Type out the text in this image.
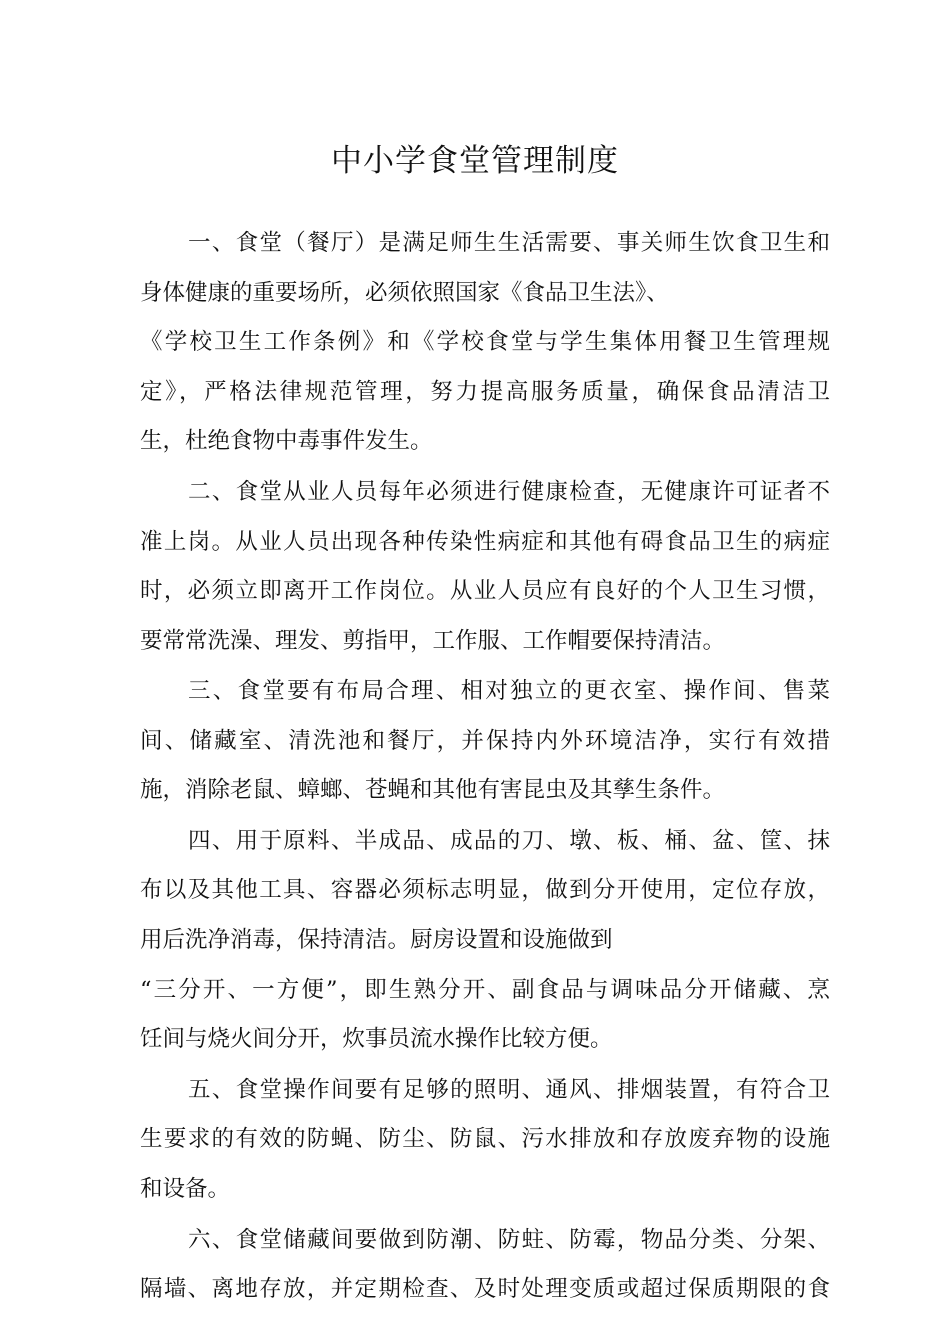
中小学食堂管理制度

一、食堂（餐厅）是满足师生生活需要、事关师生饮食卫生和

身体健康的重要场所，必须依照国家《食品卫生法》、

《学校卫生工作条例》和《学校食堂与学生集体用餐卫生管理规

定》，严格法律规范管理，努力提高服务质量，确保食品清洁卫

生，杜绝食物中毒事件发生。

二、食堂从业人员每年必须进行健康检查，无健康许可证者不

准上岗。从业人员出现各种传染性病症和其他有碍食品卫生的病症

时，必须立即离开工作岗位。从业人员应有良好的个人卫生习惯，

要常常洗澡、理发、剪指甲，工作服、工作帽要保持清洁。

三、食堂要有布局合理、相对独立的更衣室、操作间、售菜

间、储藏室、清洗池和餐厅，并保持内外环境洁净，实行有效措

施，消除老鼠、蟑螂、苍蝇和其他有害昆虫及其孳生条件。

四、用于原料、半成品、成品的刀、墩、板、桶、盆、筐、抹

布以及其他工具、容器必须标志明显，做到分开使用，定位存放，

用后洗净消毒，保持清洁。厨房设置和设施做到

“三分开、一方便”，即生熟分开、副食品与调味品分开储藏、烹

饪间与烧火间分开，炊事员流水操作比较方便。

五、食堂操作间要有足够的照明、通风、排烟装置，有符合卫

生要求的有效的防蝇、防尘、防鼠、污水排放和存放废弃物的设施

和设备。

六、食堂储藏间要做到防潮、防蛀、防霉，物品分类、分架、

隔墙、离地存放，并定期检查、及时处理变质或超过保质期限的食
